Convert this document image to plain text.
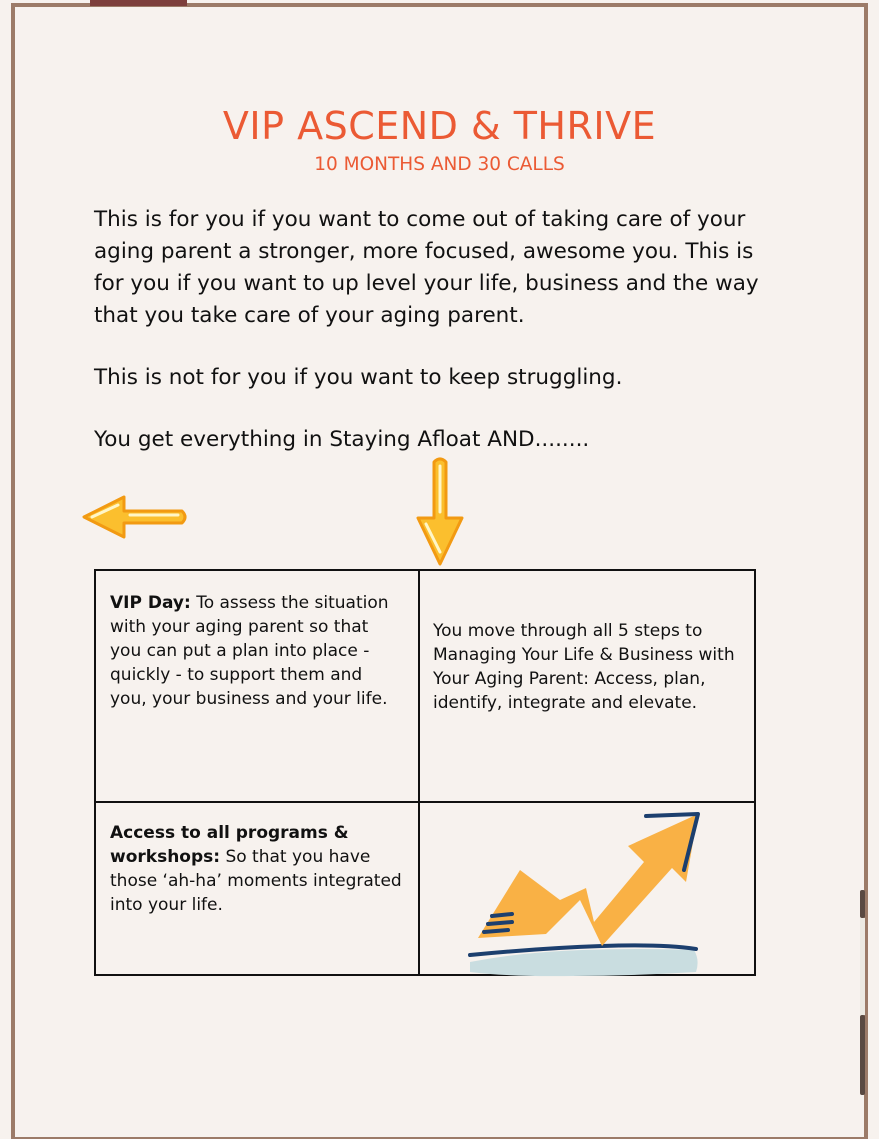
VIP ASCEND & THRIVE

10 MONTHS AND 30 CALLS

This is for you if you want to come out of taking care of your aging parent a stronger, more focused, awesome you. This is for you if you want to up level your life, business and the way that you take care of your aging parent.

This is not for you if you want to keep struggling.

You get everything in Staying Afloat AND........

VIP Day: To assess the situation with your aging parent so that you can put a plan into place - quickly - to support them and you, your business and your life.

You move through all 5 steps to Managing Your Life & Business with Your Aging Parent: Access, plan, identify, integrate and elevate.

Access to all programs & workshops: So that you have those ‘ah-ha’ moments integrated into your life.
